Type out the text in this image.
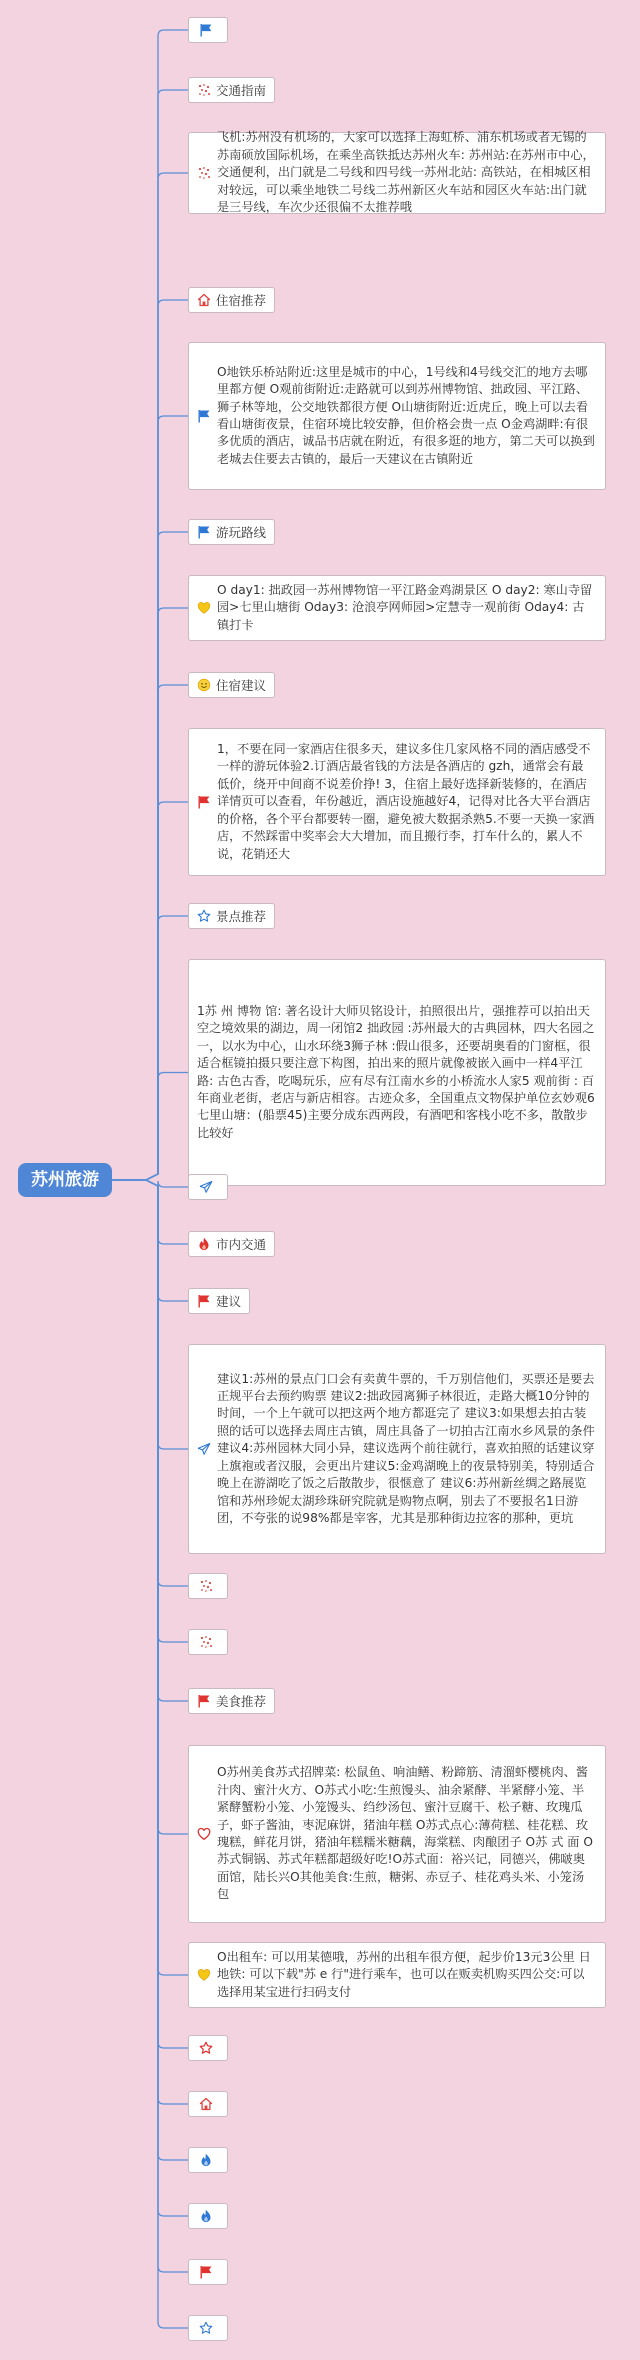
苏州旅游
交通指南
飞机:苏州没有机场的，大家可以选择上海虹桥、浦东机场或者无锡的苏南硕放国际机场，在乘坐高铁抵达苏州火车: 苏州站:在苏州市中心，交通便利，出门就是二号线和四号线一苏州北站: 高铁站，在相城区相对较远，可以乘坐地铁二号线二苏州新区火车站和园区火车站:出门就是三号线，车次少还很偏不太推荐哦
住宿推荐
O地铁乐桥站附近:这里是城市的中心，1号线和4号线交汇的地方去哪里都方便 O观前街附近:走路就可以到苏州博物馆、拙政园、平江路、狮子林等地，公交地铁都很方便 O山塘街附近:近虎丘，晚上可以去看看山塘街夜景，住宿环境比较安静，但价格会贵一点 O金鸡湖畔:有很多优质的酒店，诚品书店就在附近，有很多逛的地方，第二天可以换到老城去住要去古镇的，最后一天建议在古镇附近
游玩路线
O day1: 拙政园一苏州博物馆一平江路金鸡湖景区 O day2: 寒山寺留园>七里山塘街 Oday3: 沧浪亭网师园>定慧寺一观前街 Oday4: 古镇打卡
住宿建议
1，不要在同一家酒店住很多天，建议多住几家风格不同的酒店感受不一样的游玩体验2.订酒店最省钱的方法是各酒店的 gzh，通常会有最低价，绕开中间商不说差价挣! 3，住宿上最好选择新装修的，在酒店详情页可以查看，年份越近，酒店设施越好4，记得对比各大平台酒店的价格，各个平台都要转一圈，避免被大数据杀熟5.不要一天换一家酒店，不然踩雷中奖率会大大增加，而且搬行李，打车什么的，累人不说，花销还大
景点推荐
1苏 州 博物 馆: 著名设计大师贝铭设计，拍照很出片，强推荐可以拍出天空之境效果的湖边，周一闭馆2 拙政园 :苏州最大的古典园林，四大名园之一，以水为中心，山水环绕3狮子林 :假山很多，还要胡奥看的门窗框，很适合框镜拍摄只要注意下构图，拍出来的照片就像被嵌入画中一样4平江路: 古色古香，吃喝玩乐，应有尽有江南水乡的小桥流水人家5 观前街 : 百年商业老街，老店与新店相容。古迹众多，全国重点文物保护单位玄妙观6七里山塘：(船票45)主要分成东西两段，有酒吧和客栈小吃不多，散散步比较好
市内交通
建议
建议1:苏州的景点门口会有卖黄牛票的，千万别信他们，买票还是要去正规平台去预约购票 建议2:拙政园离狮子林很近，走路大概10分钟的时间，一个上午就可以把这两个地方都逛完了 建议3:如果想去拍古装照的话可以选择去周庄古镇，周庄具备了一切拍古江南水乡风景的条件建议4:苏州园林大同小异，建议选两个前往就行，喜欢拍照的话建议穿上旗袍或者汉服，会更出片建议5:金鸡湖晚上的夜景特别美，特别适合晚上在游湖吃了饭之后散散步，很惬意了 建议6:苏州新丝绸之路展览馆和苏州珍妮太湖珍珠研究院就是购物点啊，别去了不要报名1日游团，不夸张的说98%都是宰客，尤其是那种街边拉客的那种，更坑
美食推荐
O苏州美食苏式招牌菜: 松鼠鱼、响油鳝、粉蹄筋、清溜虾樱桃肉、酱汁肉、蜜汁火方、O苏式小吃:生煎馒头、油余紧酵、半紧酵小笼、半紧酵蟹粉小笼、小笼馒头、绉纱汤包、蜜汁豆腐干、松子糖、玫瑰瓜子，虾子酱油，枣泥麻饼，猪油年糕 O苏式点心:薄荷糕、桂花糕、玫瑰糕，鲜花月饼，猪油年糕糯米糖藕，海棠糕、肉酿团子 O苏 式 面 O 苏式铜锅、苏式年糕都超级好吃!O苏式面：裕兴记，同德兴，佛啵奥面馆，陆长兴O其他美食:生煎，糖粥、赤豆子、桂花鸡头米、小笼汤包
O出租车: 可以用某德哦，苏州的出租车很方便，起步价13元3公里 日地铁: 可以下载"苏 e 行"进行乘车，也可以在贩卖机购买四公交:可以选择用某宝进行扫码支付
